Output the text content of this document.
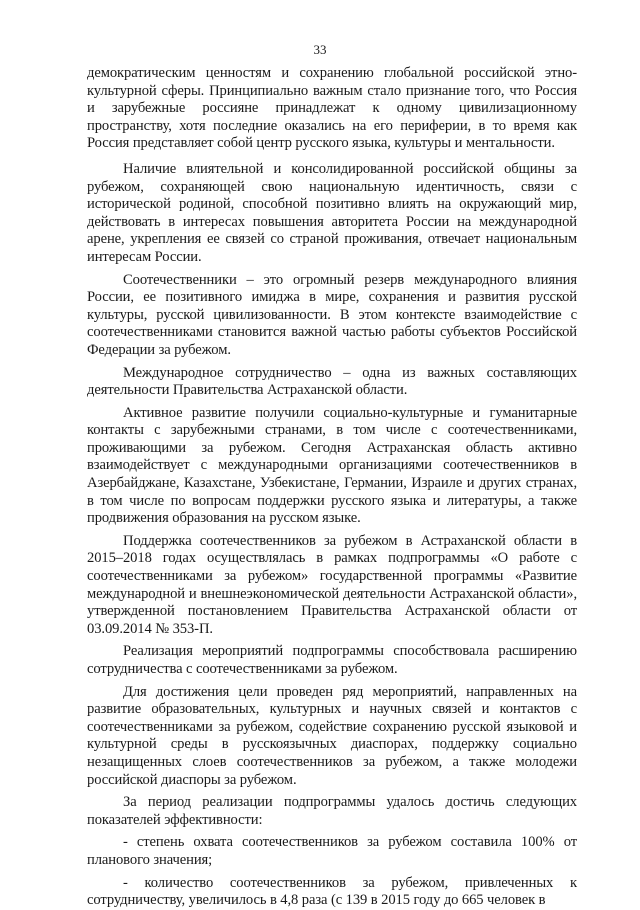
33

демократическим ценностям и сохранению глобальной российской этно-культурной сферы. Принципиально важным стало признание того, что Россия и зарубежные россияне принадлежат к одному цивилизационному пространству, хотя последние оказались на его периферии, в то время как Россия представляет собой центр русского языка, культуры и ментальности.

Наличие влиятельной и консолидированной российской общины за рубежом, сохраняющей свою национальную идентичность, связи с исторической родиной, способной позитивно влиять на окружающий мир, действовать в интересах повышения авторитета России на международной арене, укрепления ее связей со страной проживания, отвечает национальным интересам России.

Соотечественники – это огромный резерв международного влияния России, ее позитивного имиджа в мире, сохранения и развития русской культуры, русской цивилизованности. В этом контексте взаимодействие с соотечественниками становится важной частью работы субъектов Российской Федерации за рубежом.

Международное сотрудничество – одна из важных составляющих деятельности Правительства Астраханской области.

Активное развитие получили социально-культурные и гуманитарные контакты с зарубежными странами, в том числе с соотечественниками, проживающими за рубежом. Сегодня Астраханская область активно взаимодействует с международными организациями соотечественников в Азербайджане, Казахстане, Узбекистане, Германии, Израиле и других странах, в том числе по вопросам поддержки русского языка и литературы, а также продвижения образования на русском языке.

Поддержка соотечественников за рубежом в Астраханской области в 2015–2018 годах осуществлялась в рамках подпрограммы «О работе с соотечественниками за рубежом» государственной программы «Развитие международной и внешнеэкономической деятельности Астраханской области», утвержденной постановлением Правительства Астраханской области от 03.09.2014 № 353-П.

Реализация мероприятий подпрограммы способствовала расширению сотрудничества с соотечественниками за рубежом.

Для достижения цели проведен ряд мероприятий, направленных на развитие образовательных, культурных и научных связей и контактов с соотечественниками за рубежом, содействие сохранению русской языковой и культурной среды в русскоязычных диаспорах, поддержку социально незащищенных слоев соотечественников за рубежом, а также молодежи российской диаспоры за рубежом.

За период реализации подпрограммы удалось достичь следующих показателей эффективности:

- степень охвата соотечественников за рубежом составила 100% от планового значения;

- количество соотечественников за рубежом, привлеченных к сотрудничеству, увеличилось в 4,8 раза (с 139 в 2015 году до 665 человек в
